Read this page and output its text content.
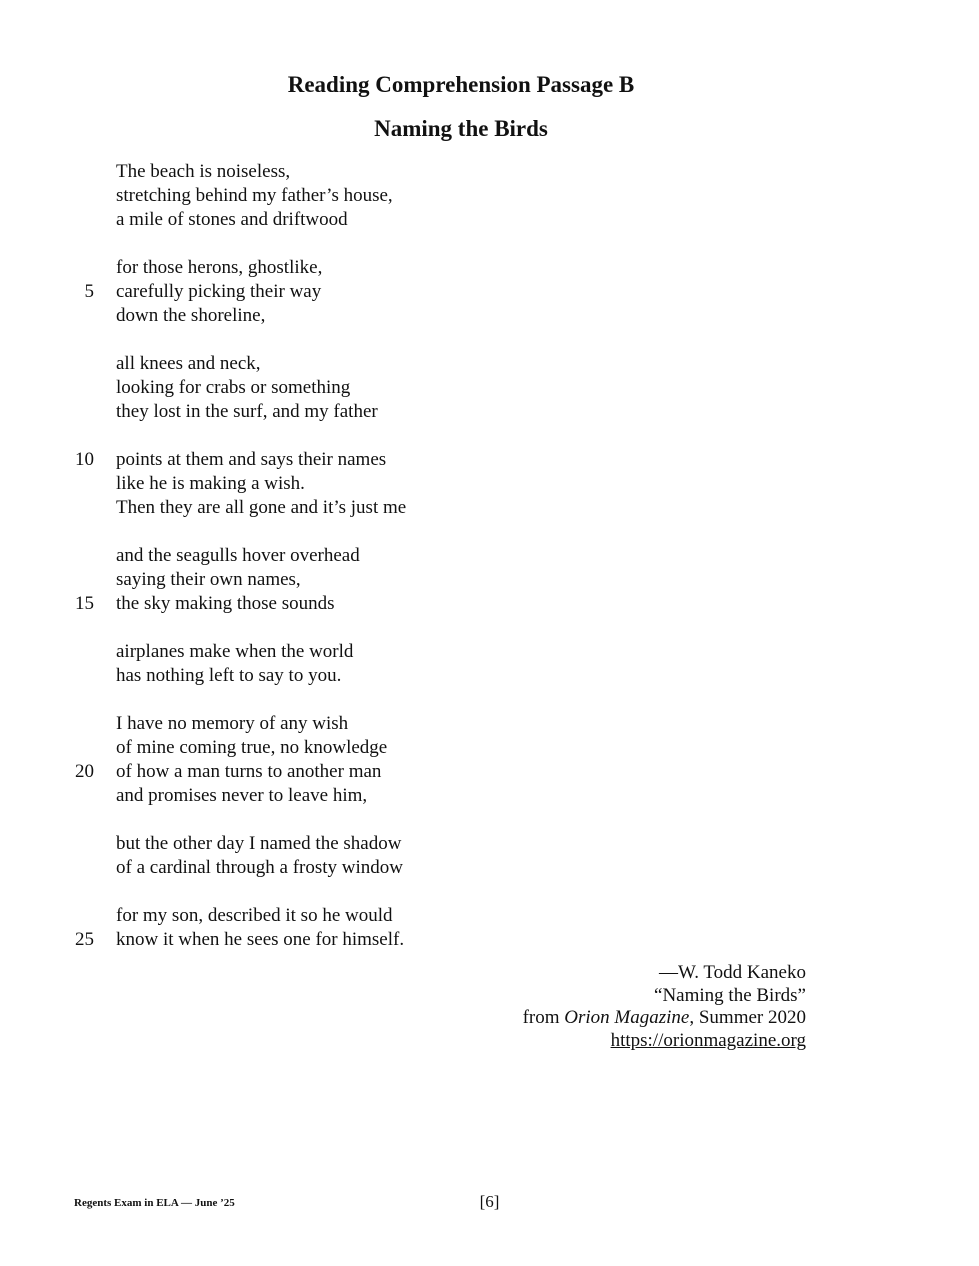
Reading Comprehension Passage B
Naming the Birds
The beach is noiseless,
stretching behind my father’s house,
a mile of stones and driftwood
for those herons, ghostlike,
5 carefully picking their way
down the shoreline,
all knees and neck,
looking for crabs or something
they lost in the surf, and my father
10 points at them and says their names
like he is making a wish.
Then they are all gone and it’s just me
and the seagulls hover overhead
saying their own names,
15 the sky making those sounds
airplanes make when the world
has nothing left to say to you.
I have no memory of any wish
of mine coming true, no knowledge
20 of how a man turns to another man
and promises never to leave him,
but the other day I named the shadow
of a cardinal through a frosty window
for my son, described it so he would
25 know it when he sees one for himself.
—W. Todd Kaneko
“Naming the Birds”
from Orion Magazine, Summer 2020
https://orionmagazine.org
Regents Exam in ELA — June ’25	[6]
